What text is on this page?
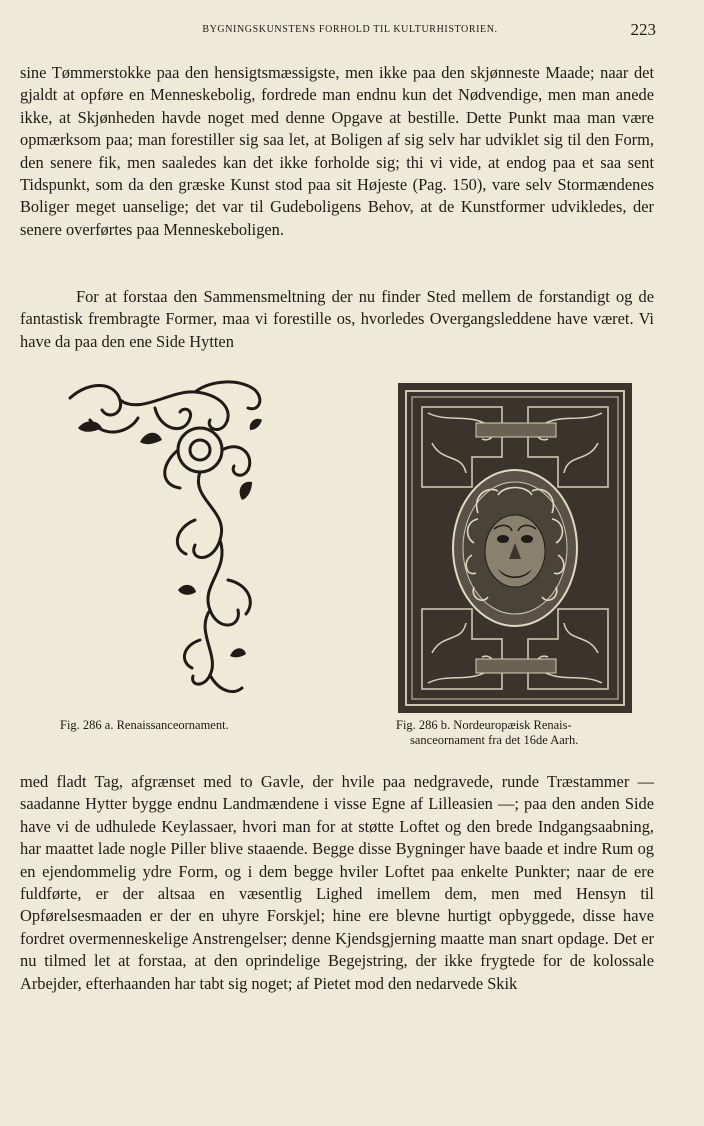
BYGNINGSKUNSTENS FORHOLD TIL KULTURHISTORIEN.	223

sine Tømmerstokke paa den hensigtsmæssigste, men ikke paa den skjønneste Maade; naar det gjaldt at opføre en Menneskebolig, fordrede man endnu kun det Nødvendige, men man anede ikke, at Skjønheden havde noget med denne Opgave at bestille. Dette Punkt maa man være opmærksom paa; man forestiller sig saa let, at Boligen af sig selv har udviklet sig til den Form, den senere fik, men saaledes kan det ikke forholde sig; thi vi vide, at endog paa et saa sent Tidspunkt, som da den græske Kunst stod paa sit Højeste (Pag. 150), vare selv Stormændenes Boliger meget uanselige; det var til Gudeboligens Behov, at de Kunstformer udvikledes, der senere overførtes paa Menneskeboligen.

For at forstaa den Sammensmeltning der nu finder Sted mellem de forstandigt og de fantastisk frembragte Former, maa vi forestille os, hvorledes Overgangsleddene have været. Vi have da paa den ene Side Hytten

Fig. 286 a. Renaissanceornament.	Fig. 286 b. Nordeuropæisk Renais-
sanceornament fra det 16de Aarh.

med fladt Tag, afgrænset med to Gavle, der hvile paa nedgravede, runde Træstammer — saadanne Hytter bygge endnu Landmændene i visse Egne af Lilleasien —; paa den anden Side have vi de udhulede Keylassaer, hvori man for at støtte Loftet og den brede Indgangsaabning, har maattet lade nogle Piller blive staaende. Begge disse Bygninger have baade et indre Rum og en ejendommelig ydre Form, og i dem begge hviler Loftet paa enkelte Punkter; naar de ere fuldførte, er der altsaa en væsentlig Lighed imellem dem, men med Hensyn til Opførelsesmaaden er der en uhyre Forskjel; hine ere blevne hurtigt opbyggede, disse have fordret overmenneskelige Anstrengelser; denne Kjendsgjerning maatte man snart opdage. Det er nu tilmed let at forstaa, at den oprindelige Begejstring, der ikke frygtede for de kolossale Arbejder, efterhaanden har tabt sig noget; af Pietet mod den nedarvede Skik
